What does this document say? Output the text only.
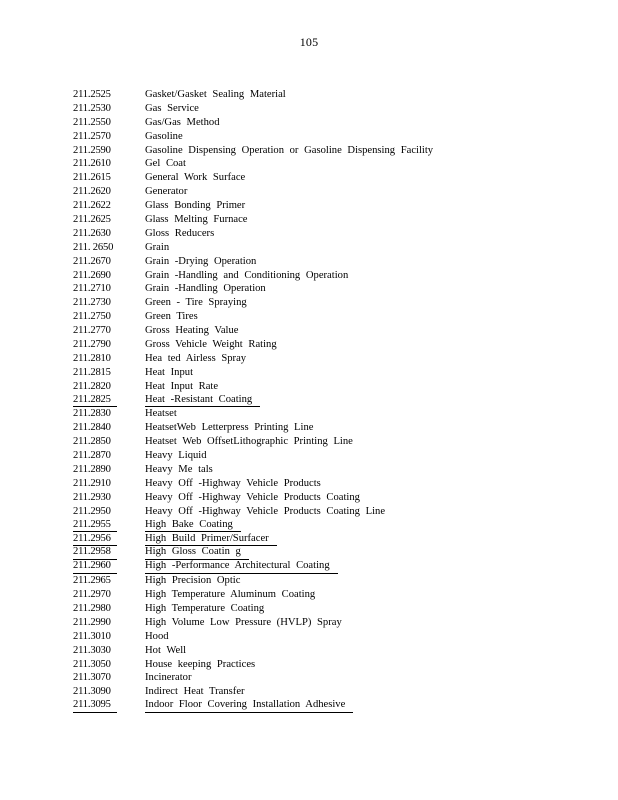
105
211.2525	Gasket/Gasket Sealing Material
211.2530	Gas Service
211.2550	Gas/Gas Method
211.2570	Gasoline
211.2590	Gasoline Dispensing Operation or Gasoline Dispensing Facility
211.2610	Gel Coat
211.2615	General Work Surface
211.2620	Generator
211.2622	Glass Bonding Primer
211.2625	Glass Melting Furnace
211.2630	Gloss Reducers
211. 2650	Grain
211.2670	Grain -Drying Operation
211.2690	Grain -Handling and Conditioning Operation
211.2710	Grain -Handling Operation
211.2730	Green - Tire Spraying
211.2750	Green Tires
211.2770	Gross Heating Value
211.2790	Gross Vehicle Weight Rating
211.2810	Hea ted Airless Spray
211.2815	Heat Input
211.2820	Heat Input Rate
211.2825	Heat -Resistant Coating
211.2830	Heatset
211.2840	HeatsetWeb Letterpress Printing Line
211.2850	Heatset Web OffsetLithographic Printing Line
211.2870	Heavy Liquid
211.2890	Heavy Me tals
211.2910	Heavy Off -Highway Vehicle Products
211.2930	Heavy Off -Highway Vehicle Products Coating
211.2950	Heavy Off -Highway Vehicle Products Coating Line
211.2955	High Bake Coating
211.2956	High Build Primer/Surfacer
211.2958	High Gloss Coatin g
211.2960	High -Performance Architectural Coating
211.2965	High Precision Optic
211.2970	High Temperature Aluminum Coating
211.2980	High Temperature Coating
211.2990	High Volume Low Pressure (HVLP) Spray
211.3010	Hood
211.3030	Hot Well
211.3050	House keeping Practices
211.3070	Incinerator
211.3090	Indirect Heat Transfer
211.3095	Indoor Floor Covering Installation Adhesive
